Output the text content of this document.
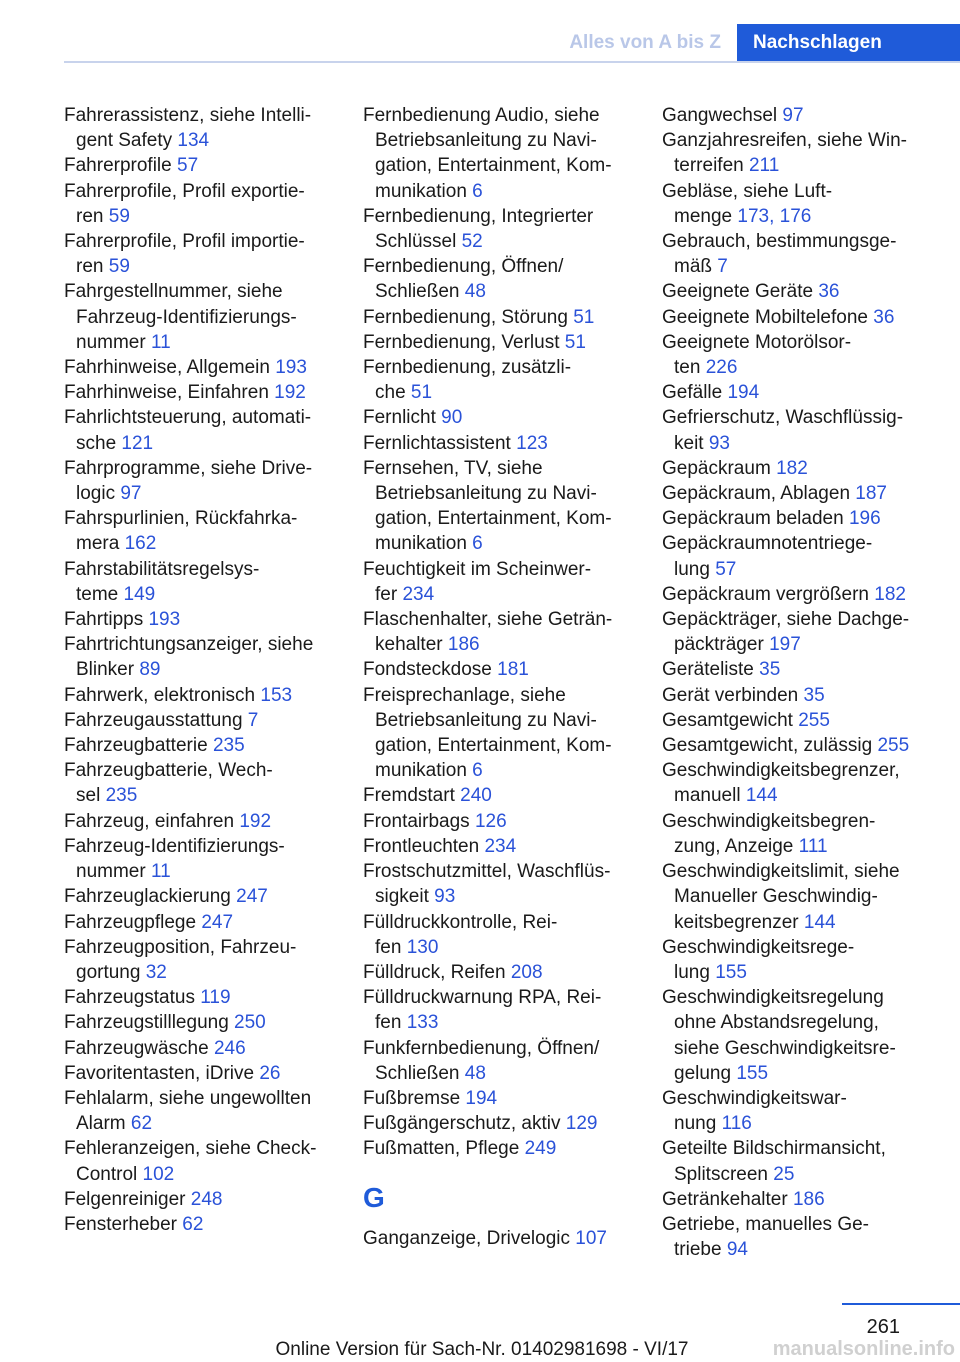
Alles von A bis Z	Nachschlagen
Fahrerassistenz, siehe Intelli-
gent Safety 134
Fahrerprofile 57
Fahrerprofile, Profil exportie-
ren 59
Fahrerprofile, Profil importie-
ren 59
Fahrgestellnummer, siehe
Fahrzeug-Identifizierungs-
nummer 11
Fahrhinweise, Allgemein 193
Fahrhinweise, Einfahren 192
Fahrlichtsteuerung, automati-
sche 121
Fahrprogramme, siehe Drive-
logic 97
Fahrspurlinien, Rückfahrka-
mera 162
Fahrstabilitätsregelsys-
teme 149
Fahrtipps 193
Fahrtrichtungsanzeiger, siehe
Blinker 89
Fahrwerk, elektronisch 153
Fahrzeugausstattung 7
Fahrzeugbatterie 235
Fahrzeugbatterie, Wech-
sel 235
Fahrzeug, einfahren 192
Fahrzeug-Identifizierungs-
nummer 11
Fahrzeuglackierung 247
Fahrzeugpflege 247
Fahrzeugposition, Fahrzeu-
gortung 32
Fahrzeugstatus 119
Fahrzeugstilllegung 250
Fahrzeugwäsche 246
Favoritentasten, iDrive 26
Fehlalarm, siehe ungewollten
Alarm 62
Fehleranzeigen, siehe Check-
Control 102
Felgenreiniger 248
Fensterheber 62
Fernbedienung Audio, siehe
Betriebsanleitung zu Navi-
gation, Entertainment, Kom-
munikation 6
Fernbedienung, Integrierter
Schlüssel 52
Fernbedienung, Öffnen/
Schließen 48
Fernbedienung, Störung 51
Fernbedienung, Verlust 51
Fernbedienung, zusätzli-
che 51
Fernlicht 90
Fernlichtassistent 123
Fernsehen, TV, siehe
Betriebsanleitung zu Navi-
gation, Entertainment, Kom-
munikation 6
Feuchtigkeit im Scheinwer-
fer 234
Flaschenhalter, siehe Geträn-
kehalter 186
Fondsteckdose 181
Freisprechanlage, siehe
Betriebsanleitung zu Navi-
gation, Entertainment, Kom-
munikation 6
Fremdstart 240
Frontairbags 126
Frontleuchten 234
Frostschutzmittel, Waschflüs-
sigkeit 93
Fülldruckkontrolle, Rei-
fen 130
Fülldruck, Reifen 208
Fülldruckwarnung RPA, Rei-
fen 133
Funkfernbedienung, Öffnen/
Schließen 48
Fußbremse 194
Fußgängerschutz, aktiv 129
Fußmatten, Pflege 249
G
Ganganzeige, Drivelogic 107
Gangwechsel 97
Ganzjahresreifen, siehe Win-
terreifen 211
Gebläse, siehe Luft-
menge 173, 176
Gebrauch, bestimmungsge-
mäß 7
Geeignete Geräte 36
Geeignete Mobiltelefone 36
Geeignete Motorölsor-
ten 226
Gefälle 194
Gefrierschutz, Waschflüssig-
keit 93
Gepäckraum 182
Gepäckraum, Ablagen 187
Gepäckraum beladen 196
Gepäckraumnotentriege-
lung 57
Gepäckraum vergrößern 182
Gepäckträger, siehe Dachge-
päckträger 197
Geräteliste 35
Gerät verbinden 35
Gesamtgewicht 255
Gesamtgewicht, zulässig 255
Geschwindigkeitsbegrenzer,
manuell 144
Geschwindigkeitsbegren-
zung, Anzeige 111
Geschwindigkeitslimit, siehe
Manueller Geschwindig-
keitsbegrenzer 144
Geschwindigkeitsrege-
lung 155
Geschwindigkeitsregelung
ohne Abstandsregelung,
siehe Geschwindigkeitsre-
gelung 155
Geschwindigkeitswar-
nung 116
Geteilte Bildschirmansicht,
Splitscreen 25
Getränkehalter 186
Getriebe, manuelles Ge-
triebe 94
261
Online Version für Sach-Nr. 01402981698 - VI/17	manualsonline.info
